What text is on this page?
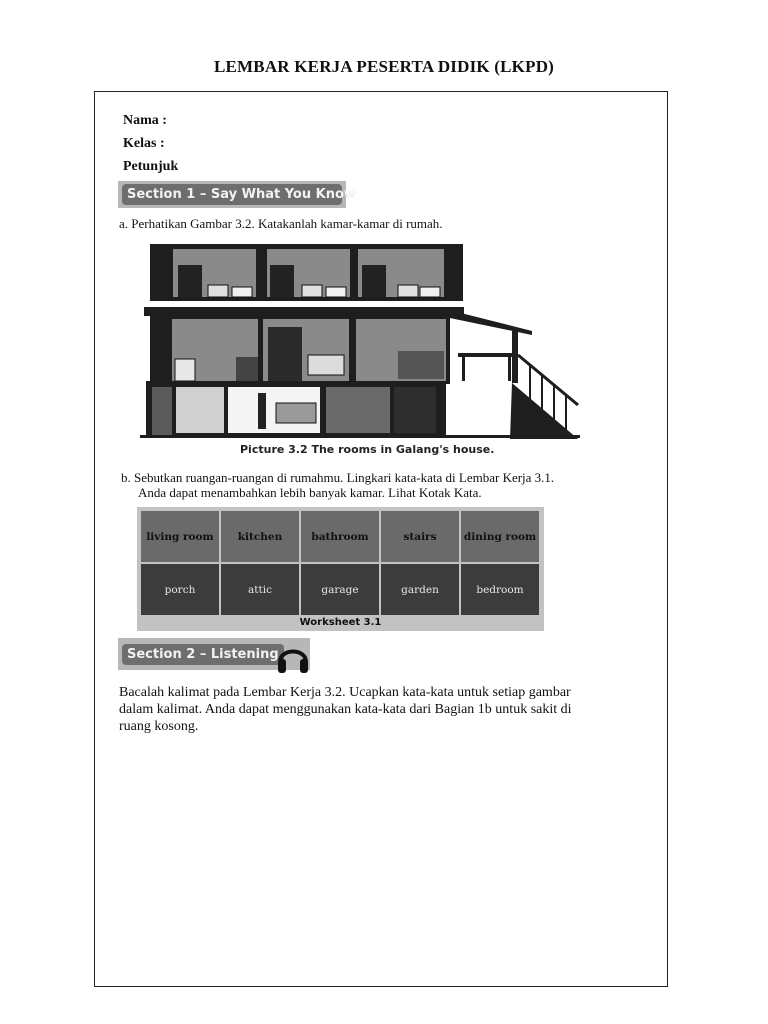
LEMBAR KERJA PESERTA DIDIK (LKPD)
Nama :
Kelas :
Petunjuk
Section 1 – Say What You Know
a. Perhatikan Gambar 3.2. Katakanlah kamar-kamar di rumah.
Picture 3.2 The rooms in Galang's house.
b. Sebutkan ruangan-ruangan di rumahmu. Lingkari kata-kata di Lembar Kerja 3.1.
Anda dapat menambahkan lebih banyak kamar. Lihat Kotak Kata.
living room	kitchen	bathroom	stairs	dining room
porch	attic	garage	garden	bedroom
Worksheet 3.1
Section 2 – Listening
Bacalah kalimat pada Lembar Kerja 3.2. Ucapkan kata-kata untuk setiap gambar
dalam kalimat. Anda dapat menggunakan kata-kata dari Bagian 1b untuk sakit di
ruang kosong.
